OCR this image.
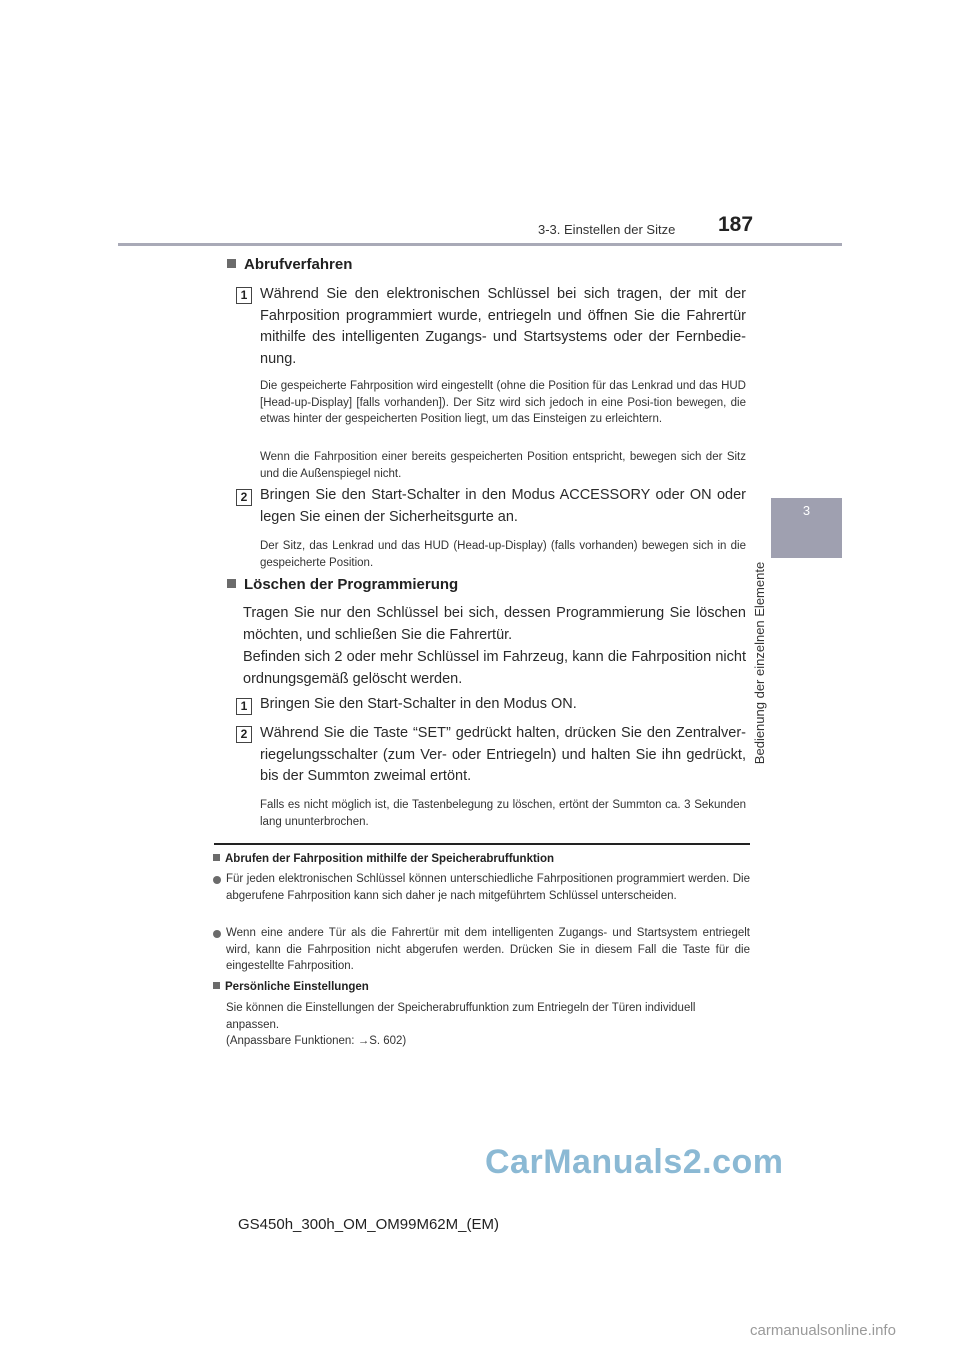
3-3. Einstellen der Sitze 187
3
Bedienung der einzelnen Elemente
Abrufverfahren
1 Während Sie den elektronischen Schlüssel bei sich tragen, der mit der Fahrposition programmiert wurde, entriegeln und öffnen Sie die Fahrertür mithilfe des intelligenten Zugangs- und Startsystems oder der Fernbedie-nung.
Die gespeicherte Fahrposition wird eingestellt (ohne die Position für das Lenkrad und das HUD [Head-up-Display] [falls vorhanden]). Der Sitz wird sich jedoch in eine Posi-tion bewegen, die etwas hinter der gespeicherten Position liegt, um das Einsteigen zu erleichtern.
Wenn die Fahrposition einer bereits gespeicherten Position entspricht, bewegen sich der Sitz und die Außenspiegel nicht.
2 Bringen Sie den Start-Schalter in den Modus ACCESSORY oder ON oder legen Sie einen der Sicherheitsgurte an.
Der Sitz, das Lenkrad und das HUD (Head-up-Display) (falls vorhanden) bewegen sich in die gespeicherte Position.
Löschen der Programmierung
Tragen Sie nur den Schlüssel bei sich, dessen Programmierung Sie löschen möchten, und schließen Sie die Fahrertür.
Befinden sich 2 oder mehr Schlüssel im Fahrzeug, kann die Fahrposition nicht ordnungsgemäß gelöscht werden.
1 Bringen Sie den Start-Schalter in den Modus ON.
2 Während Sie die Taste “SET” gedrückt halten, drücken Sie den Zentralver-riegelungsschalter (zum Ver- oder Entriegeln) und halten Sie ihn gedrückt, bis der Summton zweimal ertönt.
Falls es nicht möglich ist, die Tastenbelegung zu löschen, ertönt der Summton ca. 3 Sekunden lang ununterbrochen.
Abrufen der Fahrposition mithilfe der Speicherabruffunktion
Für jeden elektronischen Schlüssel können unterschiedliche Fahrpositionen programmiert werden. Die abgerufene Fahrposition kann sich daher je nach mitgeführtem Schlüssel unterscheiden.
Wenn eine andere Tür als die Fahrertür mit dem intelligenten Zugangs- und Startsystem entriegelt wird, kann die Fahrposition nicht abgerufen werden. Drücken Sie in diesem Fall die Taste für die eingestellte Fahrposition.
Persönliche Einstellungen
Sie können die Einstellungen der Speicherabruffunktion zum Entriegeln der Türen individuell anpassen.
(Anpassbare Funktionen: →S. 602)
GS450h_300h_OM_OM99M62M_(EM)
CarManuals2.com
carmanualsonline.info
